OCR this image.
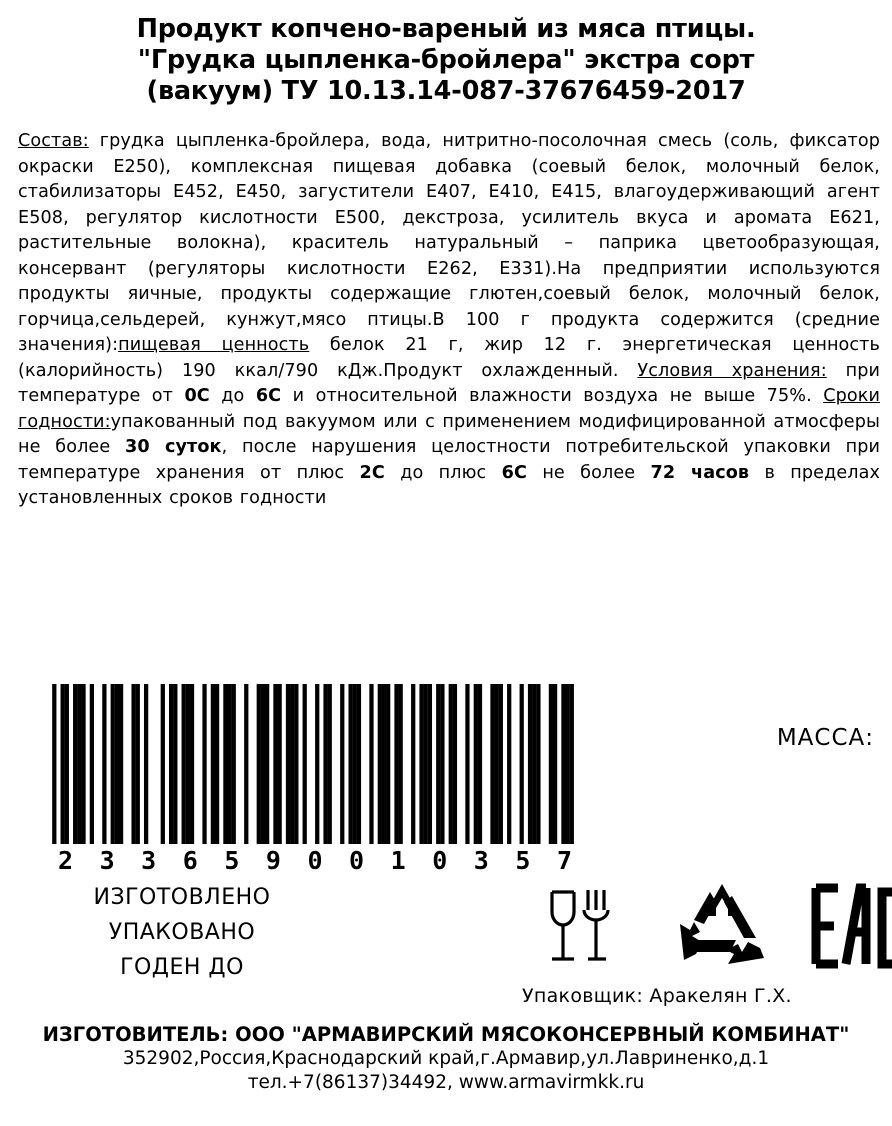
Продукт копчено-вареный из мяса птицы.
"Грудка цыпленка-бройлера" экстра сорт
(вакуум) ТУ 10.13.14-087-37676459-2017
Состав: грудка цыпленка-бройлера, вода, нитритно-посолочная смесь (соль, фиксатор окраски Е250), комплексная пищевая добавка (соевый белок, молочный белок, стабилизаторы Е452, Е450, загустители Е407, Е410, Е415, влагоудерживающий агент Е508, регулятор кислотности Е500, декстроза, усилитель вкуса и аромата Е621, растительные волокна), краситель натуральный – паприка цветообразующая, консервант (регуляторы кислотности Е262, Е331).На предприятии используются продукты яичные, продукты содержащие глютен,соевый белок, молочный белок, горчица,сельдерей, кунжут,мясо птицы.В 100 г продукта содержится (средние значения):пищевая ценность белок 21 г, жир 12 г. энергетическая ценность (калорийность) 190 ккал/790 кДж.Продукт охлажденный. Условия хранения: при температуре от 0С до 6С и относительной влажности воздуха не выше 75%. Сроки годности:упакованный под вакуумом или с применением модифицированной атмосферы не более 30 суток, после нарушения целостности потребительской упаковки при температуре хранения от плюс 2С до плюс 6С не более 72 часов в пределах установленных сроков годности
2 3 3 6 5 9 0 0 1 0 3 5 7
ИЗГОТОВЛЕНО
УПАКОВАНО
ГОДЕН ДО
МАССА:
Упаковщик: Аракелян Г.Х.
ИЗГОТОВИТЕЛЬ: ООО "АРМАВИРСКИЙ МЯСОКОНСЕРВНЫЙ КОМБИНАТ"
352902,Россия,Краснодарский край,г.Армавир,ул.Лавриненко,д.1
тел.+7(86137)34492, www.armavirmkk.ru
